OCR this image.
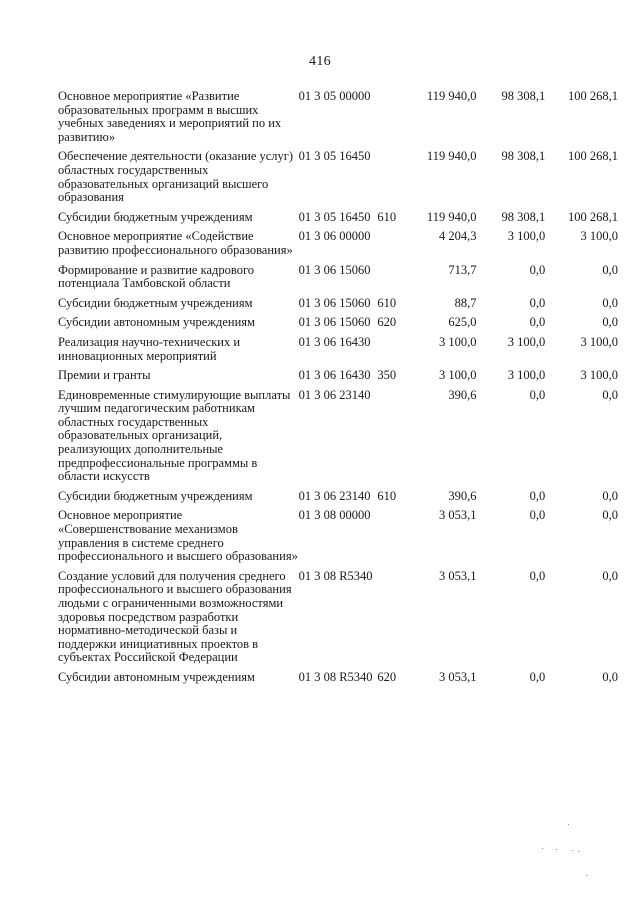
416
Основное мероприятие «Развитие образовательных программ в высших учебных заведениях и мероприятий по их развитию»	01 3 05 00000		119 940,0	98 308,1	100 268,1
Обеспечение деятельности (оказание услуг) областных государственных образовательных организаций высшего образования	01 3 05 16450		119 940,0	98 308,1	100 268,1
Субсидии бюджетным учреждениям	01 3 05 16450	610	119 940,0	98 308,1	100 268,1
Основное мероприятие «Содействие развитию профессионального образования»	01 3 06 00000		4 204,3	3 100,0	3 100,0
Формирование и развитие кадрового потенциала Тамбовской области	01 3 06 15060		713,7	0,0	0,0
Субсидии бюджетным учреждениям	01 3 06 15060	610	88,7	0,0	0,0
Субсидии автономным учреждениям	01 3 06 15060	620	625,0	0,0	0,0
Реализация научно-технических и инновационных мероприятий	01 3 06 16430		3 100,0	3 100,0	3 100,0
Премии и гранты	01 3 06 16430	350	3 100,0	3 100,0	3 100,0
Единовременные стимулирующие выплаты лучшим педагогическим работникам областных государственных образовательных организаций, реализующих дополнительные предпрофессиональные программы в области искусств	01 3 06 23140		390,6	0,0	0,0
Субсидии бюджетным учреждениям	01 3 06 23140	610	390,6	0,0	0,0
Основное мероприятие «Совершенствование механизмов управления в системе среднего профессионального и высшего образования»	01 3 08 00000		3 053,1	0,0	0,0
Создание условий для получения среднего профессионального и высшего образования людьми с ограниченными возможностями здоровья посредством разработки нормативно-методической базы и поддержки инициативных проектов в субъектах Российской Федерации	01 3 08 R5340		3 053,1	0,0	0,0
Субсидии автономным учреждениям	01 3 08 R5340	620	3 053,1	0,0	0,0
